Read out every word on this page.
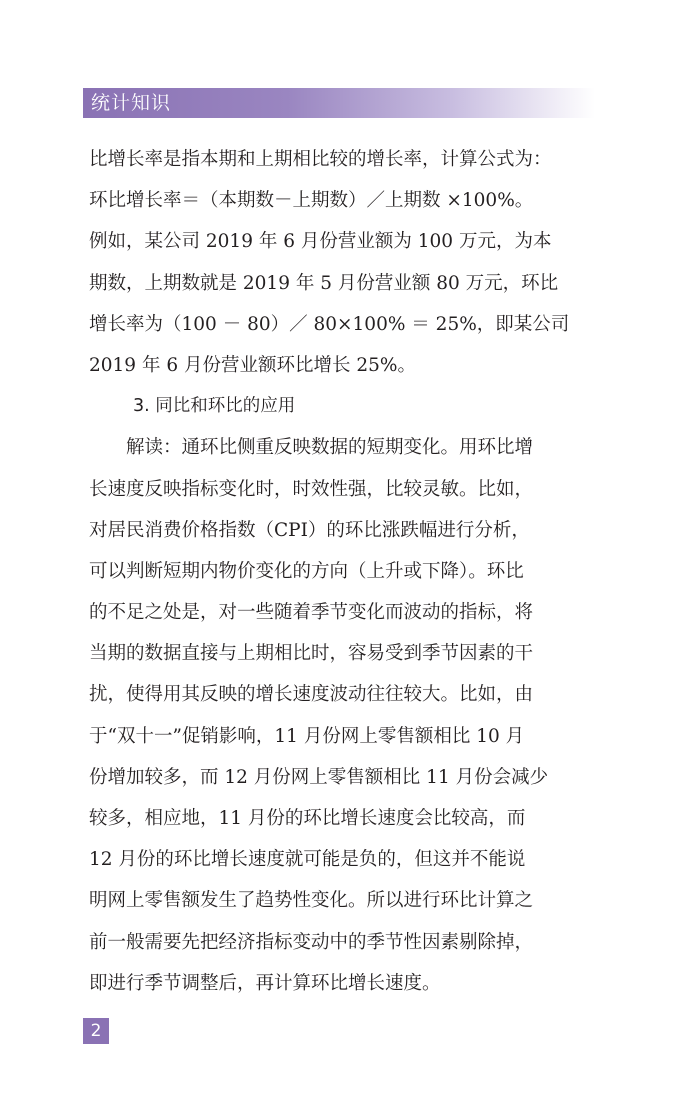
统计知识
比增长率是指本期和上期相比较的增长率，计算公式为：
环比增长率＝（本期数－上期数）／上期数 ×100%。
例如，某公司 2019 年 6 月份营业额为 100 万元，为本
期数，上期数就是 2019 年 5 月份营业额 80 万元，环比
增长率为（100 － 80）／ 80×100% ＝ 25%，即某公司
2019 年 6 月份营业额环比增长 25%。
3. 同比和环比的应用
解读：通环比侧重反映数据的短期变化。用环比增
长速度反映指标变化时，时效性强，比较灵敏。比如，
对居民消费价格指数（CPI）的环比涨跌幅进行分析，
可以判断短期内物价变化的方向（上升或下降）。环比
的不足之处是，对一些随着季节变化而波动的指标，将
当期的数据直接与上期相比时，容易受到季节因素的干
扰，使得用其反映的增长速度波动往往较大。比如，由
于“双十一”促销影响，11 月份网上零售额相比 10 月
份增加较多，而 12 月份网上零售额相比 11 月份会减少
较多，相应地，11 月份的环比增长速度会比较高，而
12 月份的环比增长速度就可能是负的，但这并不能说
明网上零售额发生了趋势性变化。所以进行环比计算之
前一般需要先把经济指标变动中的季节性因素剔除掉，
即进行季节调整后，再计算环比增长速度。
2
